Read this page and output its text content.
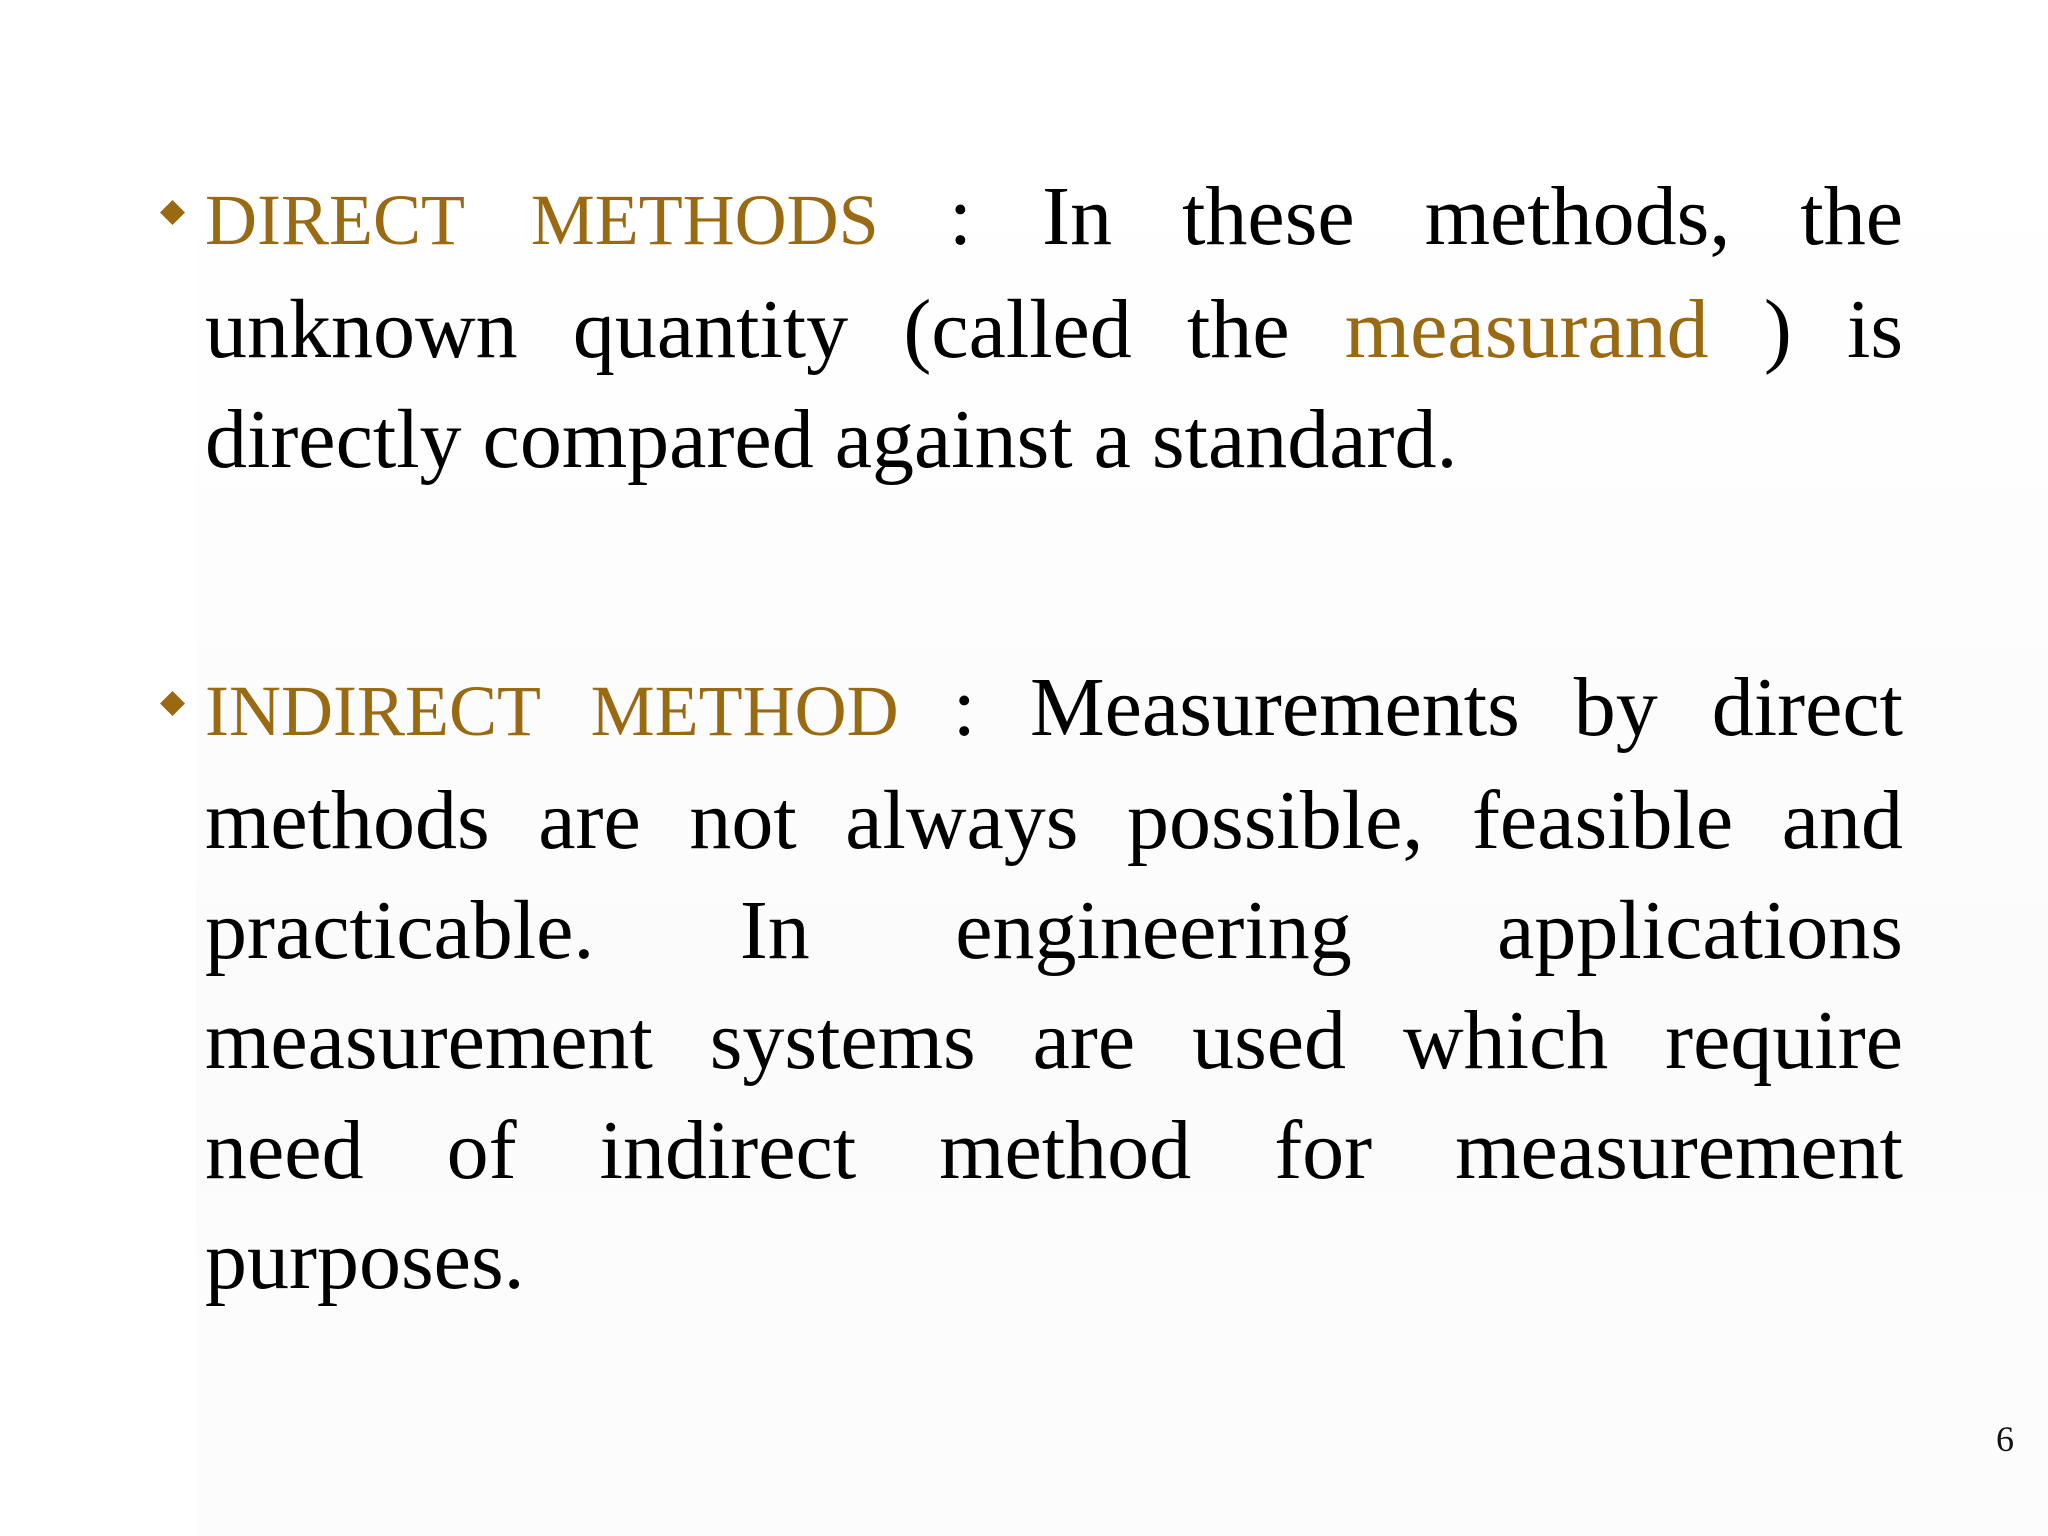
DIRECT METHODS : In these methods, the unknown quantity (called the measurand ) is directly compared against a standard.
INDIRECT METHOD : Measurements by direct methods are not always possible, feasible and practicable. In engineering applications measurement systems are used which require need of indirect method for measurement purposes.
6
